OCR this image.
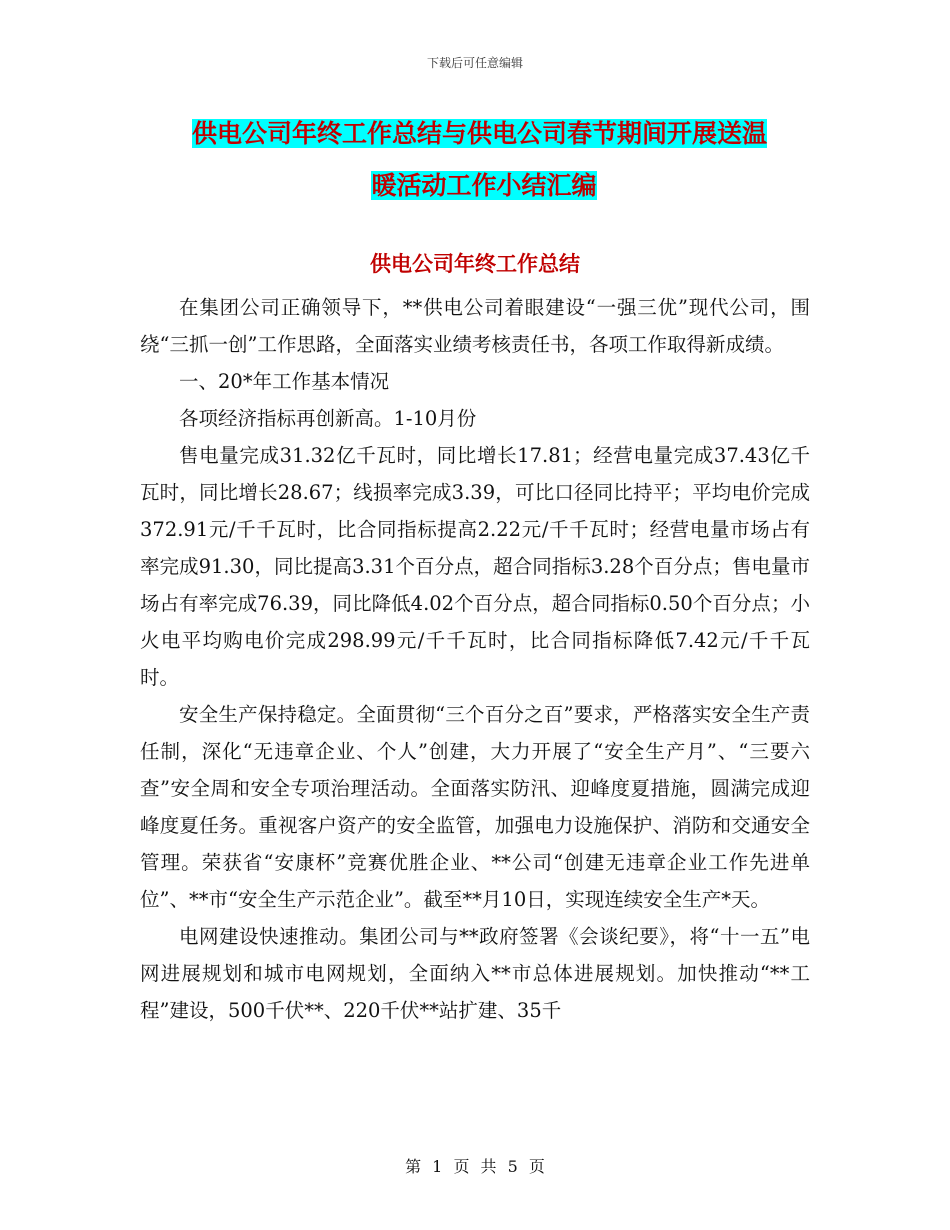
下载后可任意编辑
供电公司年终工作总结与供电公司春节期间开展送温
暖活动工作小结汇编
供电公司年终工作总结

在集团公司正确领导下，**供电公司着眼建设“一强三优”现代公司，围绕“三抓一创”工作思路，全面落实业绩考核责任书，各项工作取得新成绩。

一、20*年工作基本情况

各项经济指标再创新高。1-10月份

售电量完成31.32亿千瓦时，同比增长17.81；经营电量完成37.43亿千瓦时，同比增长28.67；线损率完成3.39，可比口径同比持平；平均电价完成372.91元/千千瓦时，比合同指标提高2.22元/千千瓦时；经营电量市场占有率完成91.30，同比提高3.31个百分点，超合同指标3.28个百分点；售电量市场占有率完成76.39，同比降低4.02个百分点，超合同指标0.50个百分点；小火电平均购电价完成298.99元/千千瓦时，比合同指标降低7.42元/千千瓦时。

安全生产保持稳定。全面贯彻“三个百分之百”要求，严格落实安全生产责任制，深化“无违章企业、个人”创建，大力开展了“安全生产月”、“三要六查”安全周和安全专项治理活动。全面落实防汛、迎峰度夏措施，圆满完成迎峰度夏任务。重视客户资产的安全监管，加强电力设施保护、消防和交通安全管理。荣获省“安康杯”竞赛优胜企业、**公司“创建无违章企业工作先进单位”、**市“安全生产示范企业”。截至**月10日，实现连续安全生产*天。

电网建设快速推动。集团公司与**政府签署《会谈纪要》，将“十一五”电网进展规划和城市电网规划，全面纳入**市总体进展规划。加快推动“**工程”建设，500千伏**、220千伏**站扩建、35千

第 1 页 共 5 页
